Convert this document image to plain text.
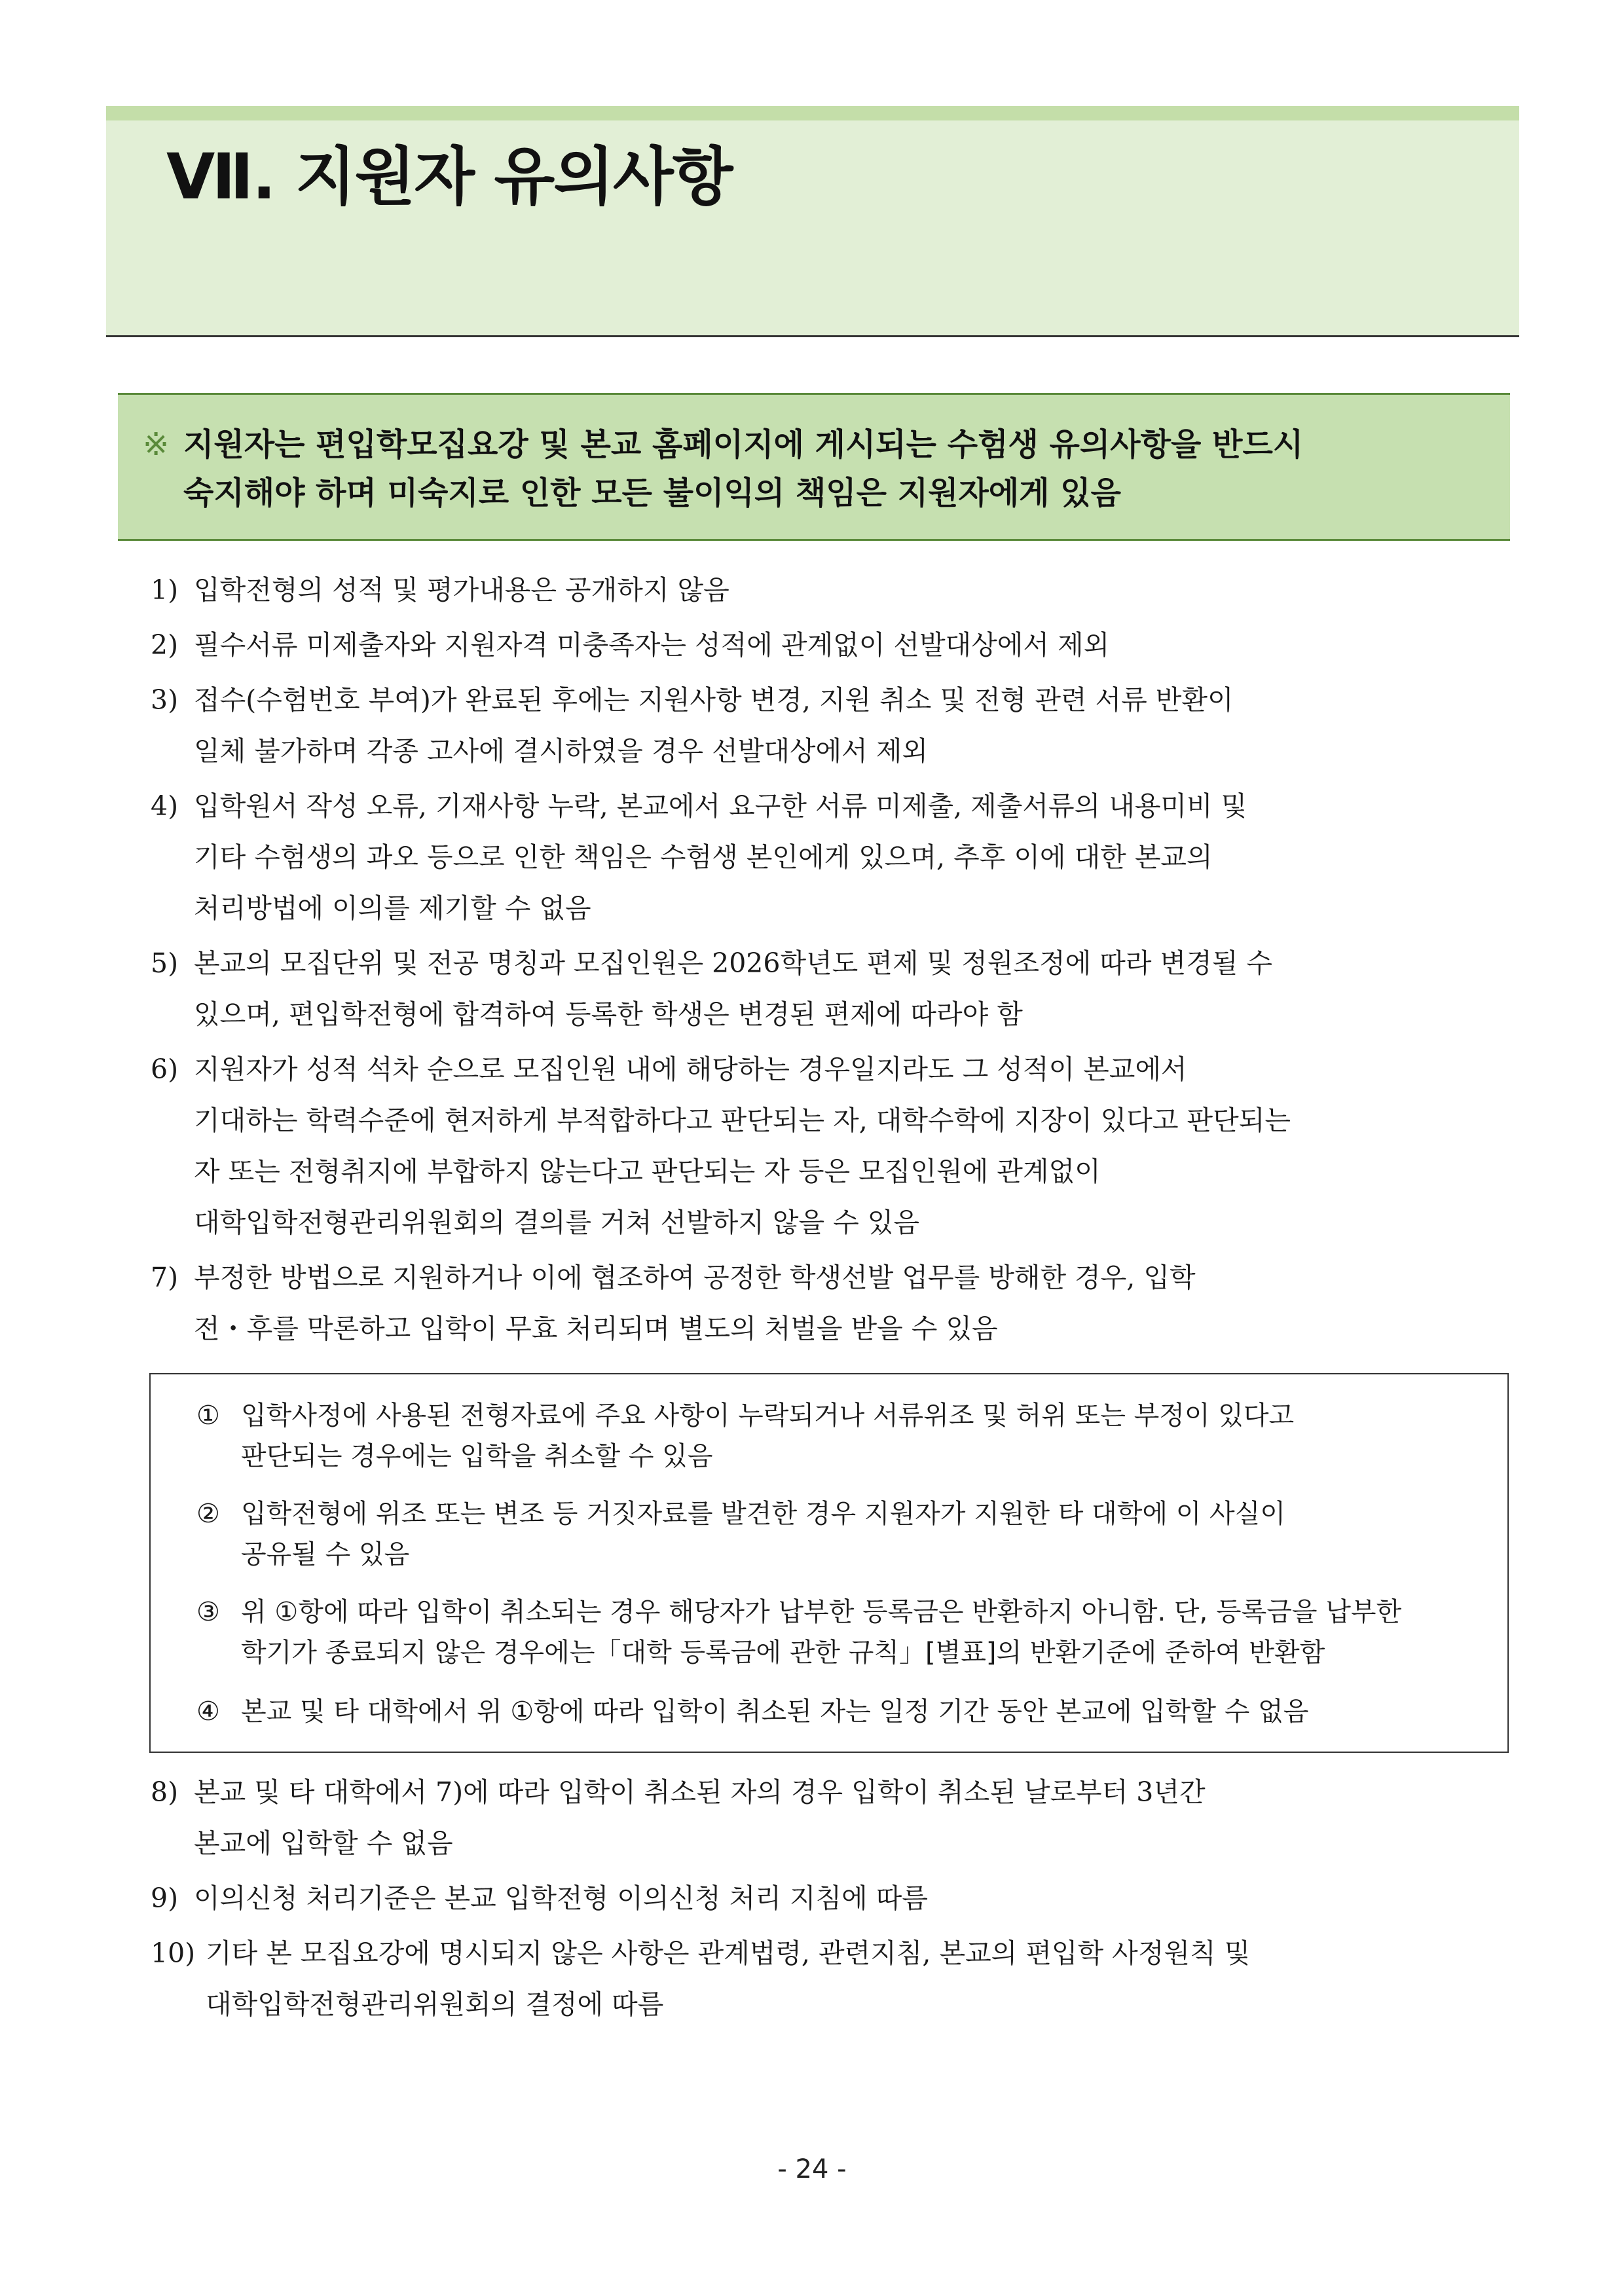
Ⅶ. 지원자 유의사항
※ 지원자는 편입학모집요강 및 본교 홈페이지에 게시되는 수험생 유의사항을 반드시
숙지해야 하며 미숙지로 인한 모든 불이익의 책임은 지원자에게 있음
1) 입학전형의 성적 및 평가내용은 공개하지 않음
2) 필수서류 미제출자와 지원자격 미충족자는 성적에 관계없이 선발대상에서 제외
3) 접수(수험번호 부여)가 완료된 후에는 지원사항 변경, 지원 취소 및 전형 관련 서류 반환이
일체 불가하며 각종 고사에 결시하였을 경우 선발대상에서 제외
4) 입학원서 작성 오류, 기재사항 누락, 본교에서 요구한 서류 미제출, 제출서류의 내용미비 및
기타 수험생의 과오 등으로 인한 책임은 수험생 본인에게 있으며, 추후 이에 대한 본교의
처리방법에 이의를 제기할 수 없음
5) 본교의 모집단위 및 전공 명칭과 모집인원은 2026학년도 편제 및 정원조정에 따라 변경될 수
있으며, 편입학전형에 합격하여 등록한 학생은 변경된 편제에 따라야 함
6) 지원자가 성적 석차 순으로 모집인원 내에 해당하는 경우일지라도 그 성적이 본교에서
기대하는 학력수준에 현저하게 부적합하다고 판단되는 자, 대학수학에 지장이 있다고 판단되는
자 또는 전형취지에 부합하지 않는다고 판단되는 자 등은 모집인원에 관계없이
대학입학전형관리위원회의 결의를 거쳐 선발하지 않을 수 있음
7) 부정한 방법으로 지원하거나 이에 협조하여 공정한 학생선발 업무를 방해한 경우, 입학
전・후를 막론하고 입학이 무효 처리되며 별도의 처벌을 받을 수 있음
① 입학사정에 사용된 전형자료에 주요 사항이 누락되거나 서류위조 및 허위 또는 부정이 있다고
판단되는 경우에는 입학을 취소할 수 있음
② 입학전형에 위조 또는 변조 등 거짓자료를 발견한 경우 지원자가 지원한 타 대학에 이 사실이
공유될 수 있음
③ 위 ①항에 따라 입학이 취소되는 경우 해당자가 납부한 등록금은 반환하지 아니함. 단, 등록금을 납부한
학기가 종료되지 않은 경우에는「대학 등록금에 관한 규칙」[별표]의 반환기준에 준하여 반환함
④ 본교 및 타 대학에서 위 ①항에 따라 입학이 취소된 자는 일정 기간 동안 본교에 입학할 수 없음
8) 본교 및 타 대학에서 7)에 따라 입학이 취소된 자의 경우 입학이 취소된 날로부터 3년간
본교에 입학할 수 없음
9) 이의신청 처리기준은 본교 입학전형 이의신청 처리 지침에 따름
10) 기타 본 모집요강에 명시되지 않은 사항은 관계법령, 관련지침, 본교의 편입학 사정원칙 및
대학입학전형관리위원회의 결정에 따름
- 24 -
